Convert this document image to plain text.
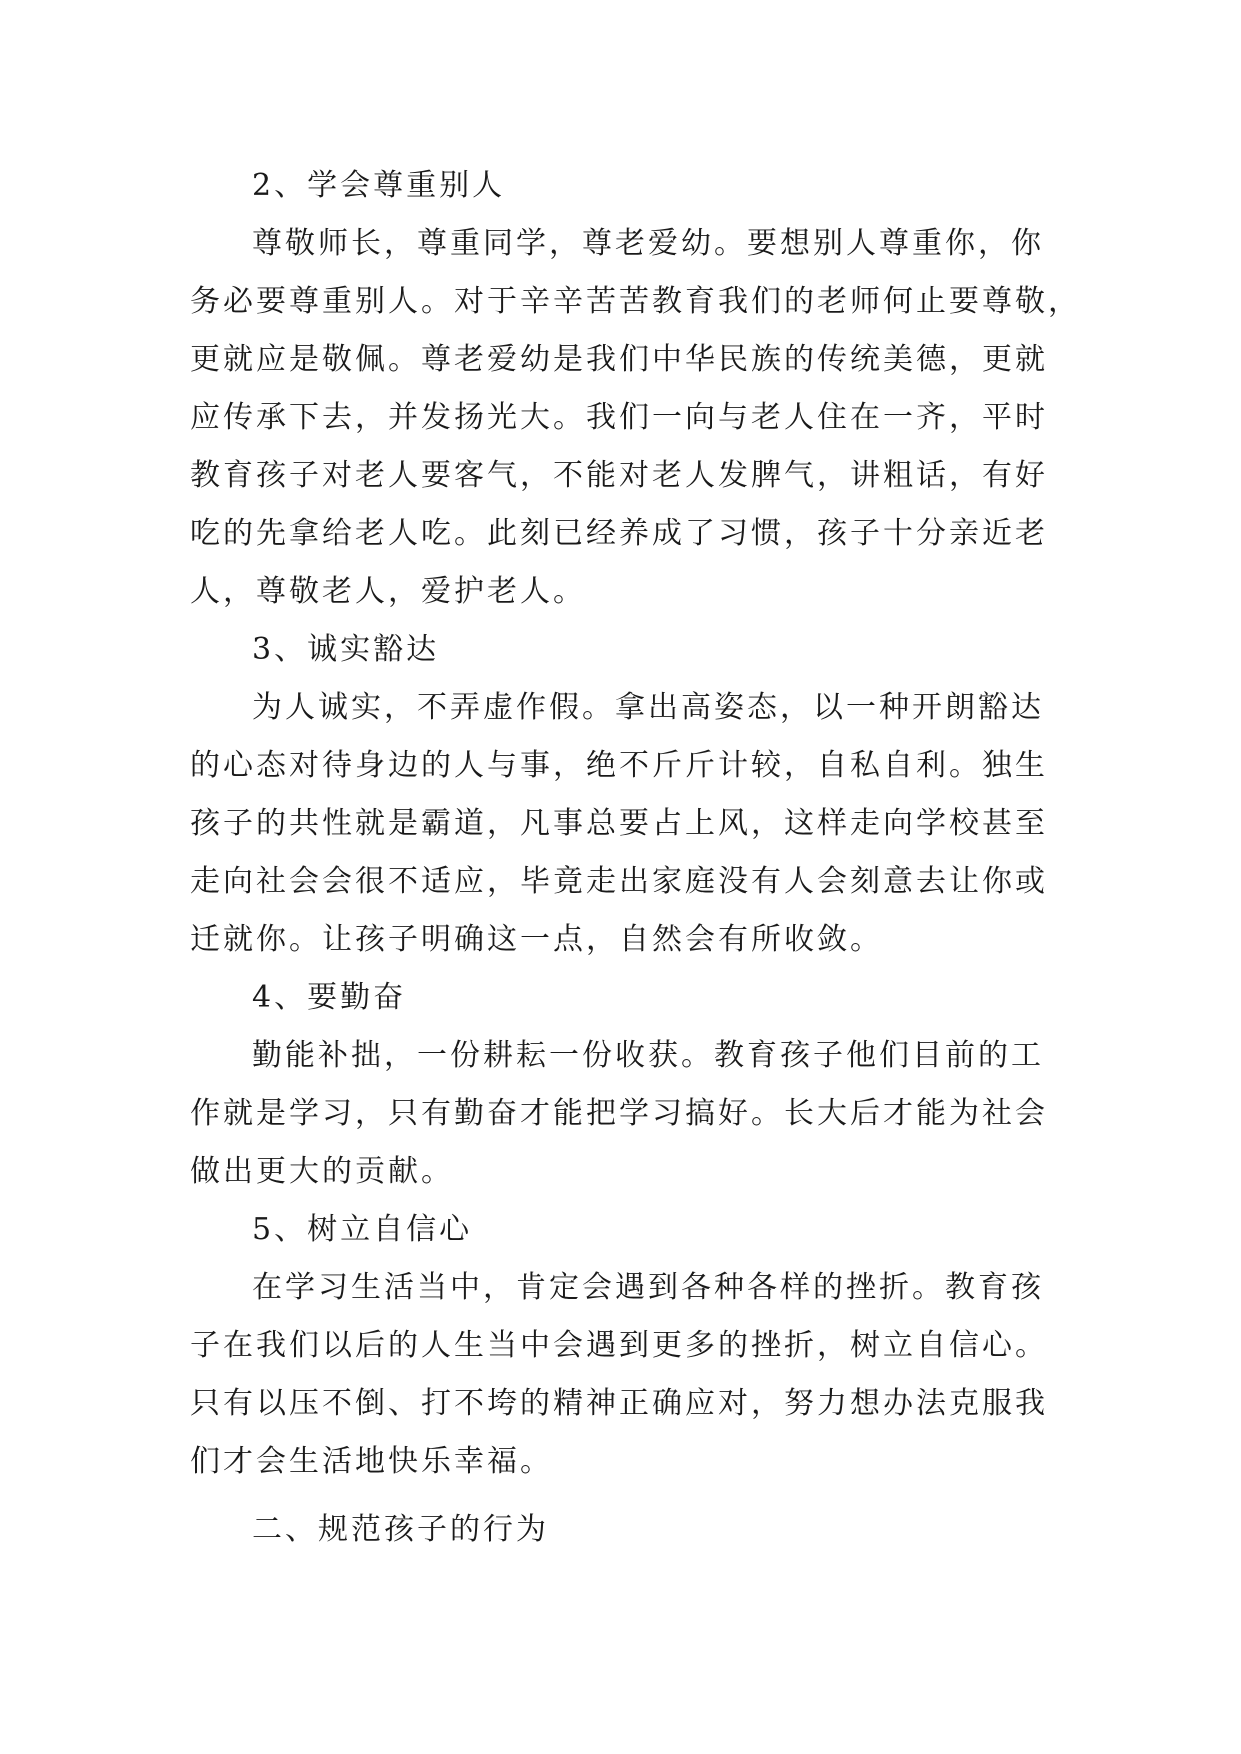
2、学会尊重别人
尊敬师长，尊重同学，尊老爱幼。要想别人尊重你，你
务必要尊重别人。对于辛辛苦苦教育我们的老师何止要尊敬，
更就应是敬佩。尊老爱幼是我们中华民族的传统美德，更就
应传承下去，并发扬光大。我们一向与老人住在一齐，平时
教育孩子对老人要客气，不能对老人发脾气，讲粗话，有好
吃的先拿给老人吃。此刻已经养成了习惯，孩子十分亲近老
人，尊敬老人，爱护老人。
3、诚实豁达
为人诚实，不弄虚作假。拿出高姿态，以一种开朗豁达
的心态对待身边的人与事，绝不斤斤计较，自私自利。独生
孩子的共性就是霸道，凡事总要占上风，这样走向学校甚至
走向社会会很不适应，毕竟走出家庭没有人会刻意去让你或
迁就你。让孩子明确这一点，自然会有所收敛。
4、要勤奋
勤能补拙，一份耕耘一份收获。教育孩子他们目前的工
作就是学习，只有勤奋才能把学习搞好。长大后才能为社会
做出更大的贡献。
5、树立自信心
在学习生活当中，肯定会遇到各种各样的挫折。教育孩
子在我们以后的人生当中会遇到更多的挫折，树立自信心。
只有以压不倒、打不垮的精神正确应对，努力想办法克服我
们才会生活地快乐幸福。
二、规范孩子的行为
